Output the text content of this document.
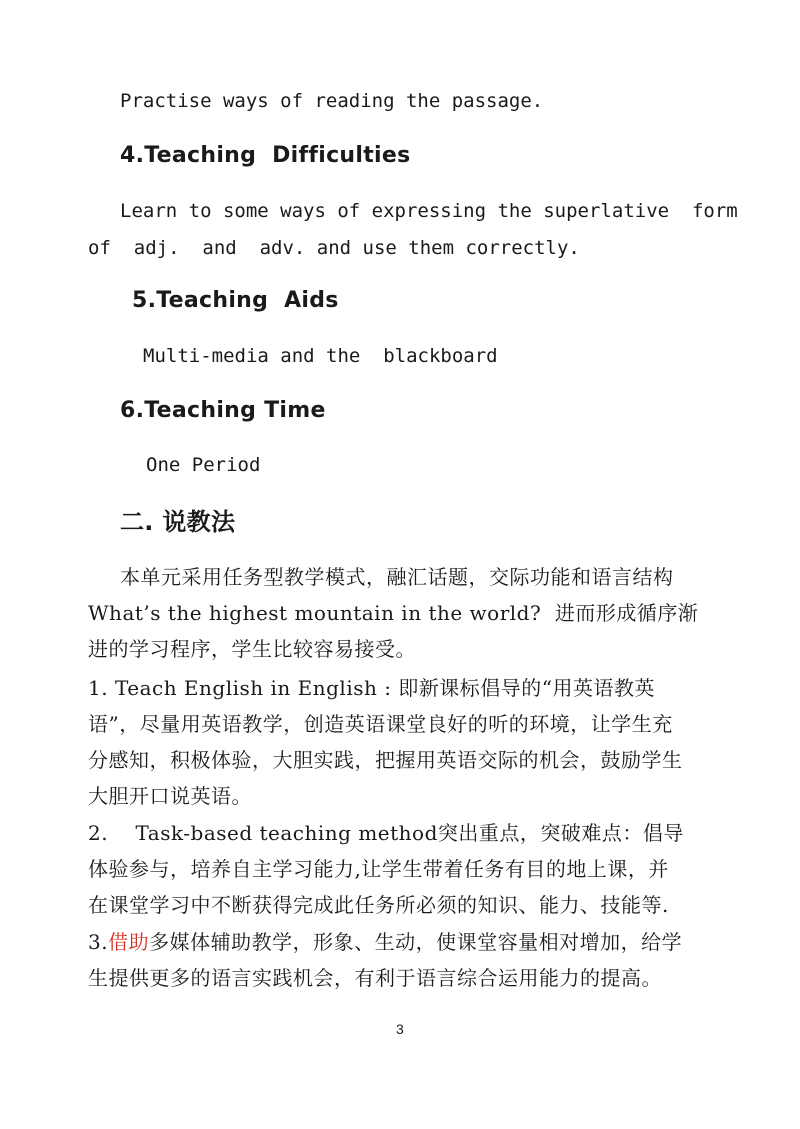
Practise ways of reading the passage.
4.Teaching  Difficulties
Learn to some ways of expressing the superlative  form
of  adj.  and  adv. and use them correctly.
5.Teaching  Aids
Multi-media and the  blackboard
6.Teaching Time
One Period
二. 说教法
本单元采用任务型教学模式，融汇话题，交际功能和语言结构
What’s the highest mountain in the world?  进而形成循序渐
进的学习程序，学生比较容易接受。
1. Teach English in English : 即新课标倡导的“用英语教英
语”，尽量用英语教学，创造英语课堂良好的听的环境，让学生充
分感知，积极体验，大胆实践，把握用英语交际的机会，鼓励学生
大胆开口说英语。
2.    Task-based teaching method突出重点，突破难点：倡导
体验参与，培养自主学习能力,让学生带着任务有目的地上课，并
在课堂学习中不断获得完成此任务所必须的知识、能力、技能等.
3.借助多媒体辅助教学，形象、生动，使课堂容量相对增加，给学
生提供更多的语言实践机会，有利于语言综合运用能力的提高。
3
